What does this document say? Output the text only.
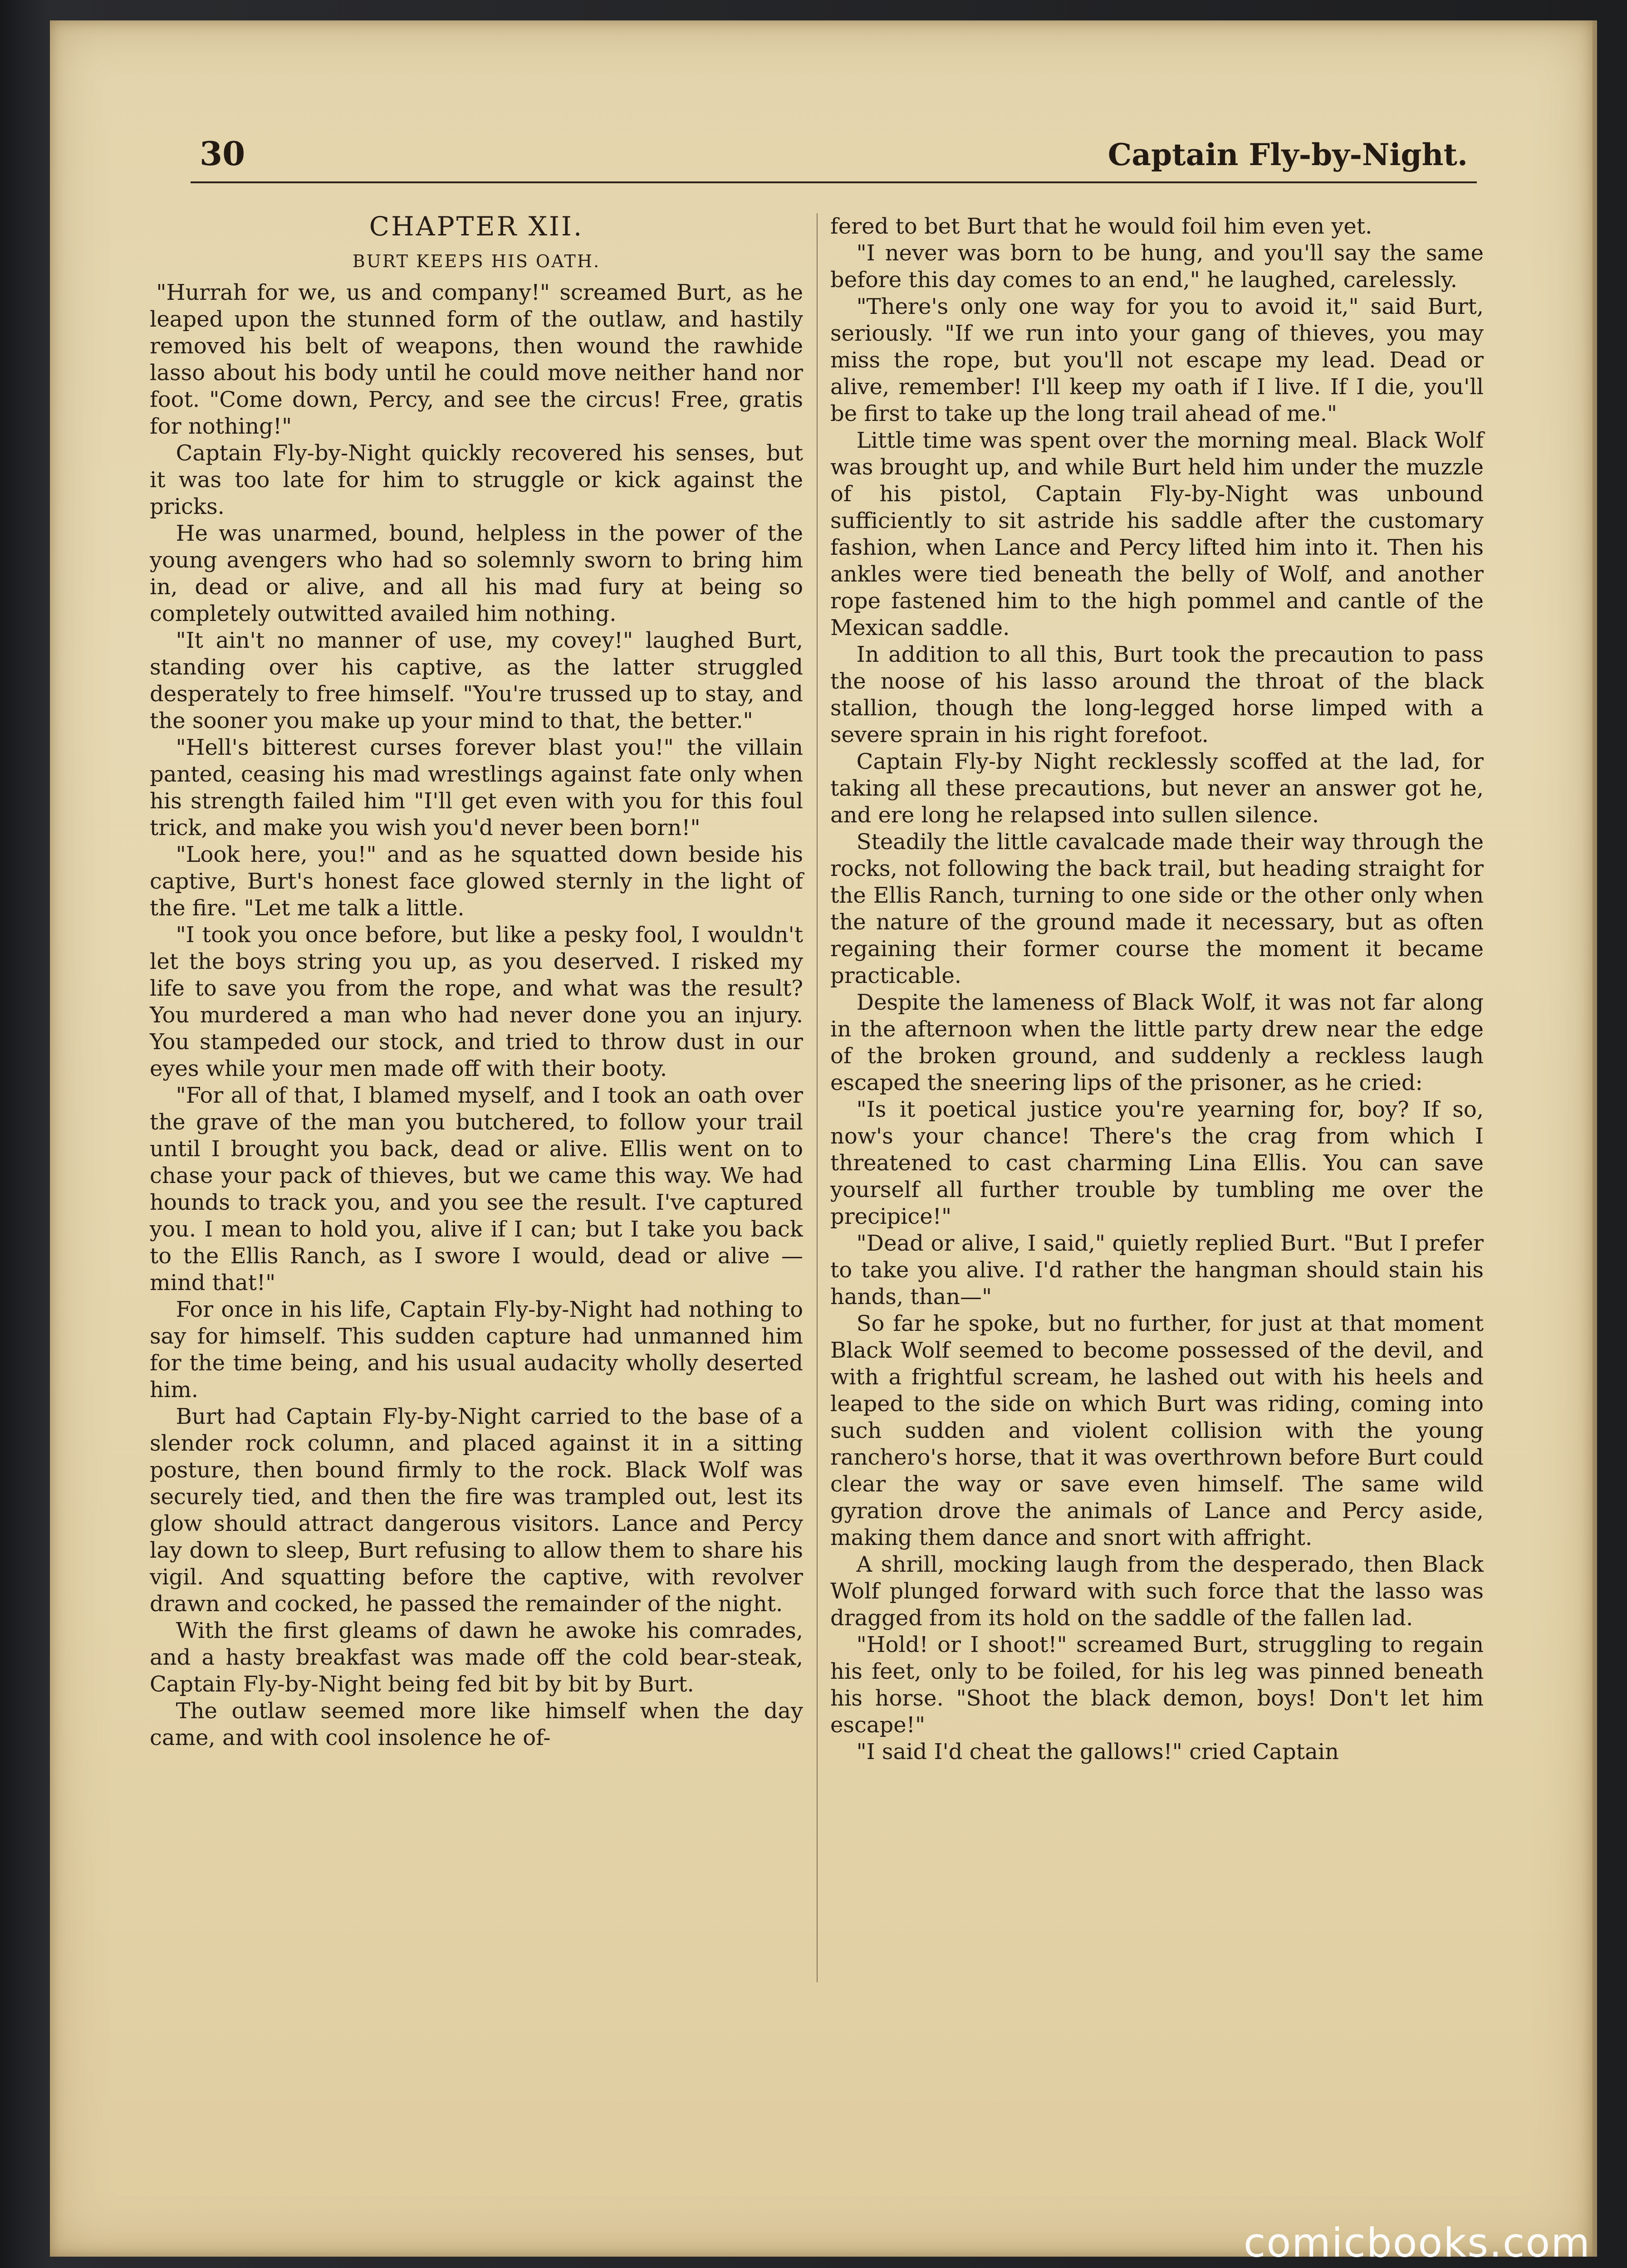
30	Captain Fly-by-Night.
CHAPTER XII.
BURT KEEPS HIS OATH.

"Hurrah for we, us and company!" screamed Burt, as he leaped upon the stunned form of the outlaw, and hastily removed his belt of weapons, then wound the rawhide lasso about his body until he could move neither hand nor foot. "Come down, Percy, and see the circus! Free, gratis for nothing!"

Captain Fly-by-Night quickly recovered his senses, but it was too late for him to struggle or kick against the pricks.

He was unarmed, bound, helpless in the power of the young avengers who had so solemnly sworn to bring him in, dead or alive, and all his mad fury at being so completely outwitted availed him nothing.

"It ain't no manner of use, my covey!" laughed Burt, standing over his captive, as the latter struggled desperately to free himself. "You're trussed up to stay, and the sooner you make up your mind to that, the better."

"Hell's bitterest curses forever blast you!" the villain panted, ceasing his mad wrestlings against fate only when his strength failed him "I'll get even with you for this foul trick, and make you wish you'd never been born!"

"Look here, you!" and as he squatted down beside his captive, Burt's honest face glowed sternly in the light of the fire. "Let me talk a little.

"I took you once before, but like a pesky fool, I wouldn't let the boys string you up, as you deserved. I risked my life to save you from the rope, and what was the result? You murdered a man who had never done you an injury. You stampeded our stock, and tried to throw dust in our eyes while your men made off with their booty.

"For all of that, I blamed myself, and I took an oath over the grave of the man you butchered, to follow your trail until I brought you back, dead or alive. Ellis went on to chase your pack of thieves, but we came this way. We had hounds to track you, and you see the result. I've captured you. I mean to hold you, alive if I can; but I take you back to the Ellis Ranch, as I swore I would, dead or alive —mind that!"

For once in his life, Captain Fly-by-Night had nothing to say for himself. This sudden capture had unmanned him for the time being, and his usual audacity wholly deserted him.

Burt had Captain Fly-by-Night carried to the base of a slender rock column, and placed against it in a sitting posture, then bound firmly to the rock. Black Wolf was securely tied, and then the fire was trampled out, lest its glow should attract dangerous visitors. Lance and Percy lay down to sleep, Burt refusing to allow them to share his vigil. And squatting before the captive, with revolver drawn and cocked, he passed the remainder of the night.

With the first gleams of dawn he awoke his comrades, and a hasty breakfast was made off the cold bear-steak, Captain Fly-by-Night being fed bit by bit by Burt.

The outlaw seemed more like himself when the day came, and with cool insolence he of-

fered to bet Burt that he would foil him even yet.

"I never was born to be hung, and you'll say the same before this day comes to an end," he laughed, carelessly.

"There's only one way for you to avoid it," said Burt, seriously. "If we run into your gang of thieves, you may miss the rope, but you'll not escape my lead. Dead or alive, remember! I'll keep my oath if I live. If I die, you'll be first to take up the long trail ahead of me."

Little time was spent over the morning meal. Black Wolf was brought up, and while Burt held him under the muzzle of his pistol, Captain Fly-by-Night was unbound sufficiently to sit astride his saddle after the customary fashion, when Lance and Percy lifted him into it. Then his ankles were tied beneath the belly of Wolf, and another rope fastened him to the high pommel and cantle of the Mexican saddle.

In addition to all this, Burt took the precaution to pass the noose of his lasso around the throat of the black stallion, though the long-legged horse limped with a severe sprain in his right forefoot.

Captain Fly-by Night recklessly scoffed at the lad, for taking all these precautions, but never an answer got he, and ere long he relapsed into sullen silence.

Steadily the little cavalcade made their way through the rocks, not following the back trail, but heading straight for the Ellis Ranch, turning to one side or the other only when the nature of the ground made it necessary, but as often regaining their former course the moment it became practicable.

Despite the lameness of Black Wolf, it was not far along in the afternoon when the little party drew near the edge of the broken ground, and suddenly a reckless laugh escaped the sneering lips of the prisoner, as he cried:

"Is it poetical justice you're yearning for, boy? If so, now's your chance! There's the crag from which I threatened to cast charming Lina Ellis. You can save yourself all further trouble by tumbling me over the precipice!"

"Dead or alive, I said," quietly replied Burt. "But I prefer to take you alive. I'd rather the hangman should stain his hands, than—"

So far he spoke, but no further, for just at that moment Black Wolf seemed to become possessed of the devil, and with a frightful scream, he lashed out with his heels and leaped to the side on which Burt was riding, coming into such sudden and violent collision with the young ranchero's horse, that it was overthrown before Burt could clear the way or save even himself. The same wild gyration drove the animals of Lance and Percy aside, making them dance and snort with affright.

A shrill, mocking laugh from the desperado, then Black Wolf plunged forward with such force that the lasso was dragged from its hold on the saddle of the fallen lad.

"Hold! or I shoot!" screamed Burt, struggling to regain his feet, only to be foiled, for his leg was pinned beneath his horse. "Shoot the black demon, boys! Don't let him escape!"

"I said I'd cheat the gallows!" cried Captain

comicbooks.com
